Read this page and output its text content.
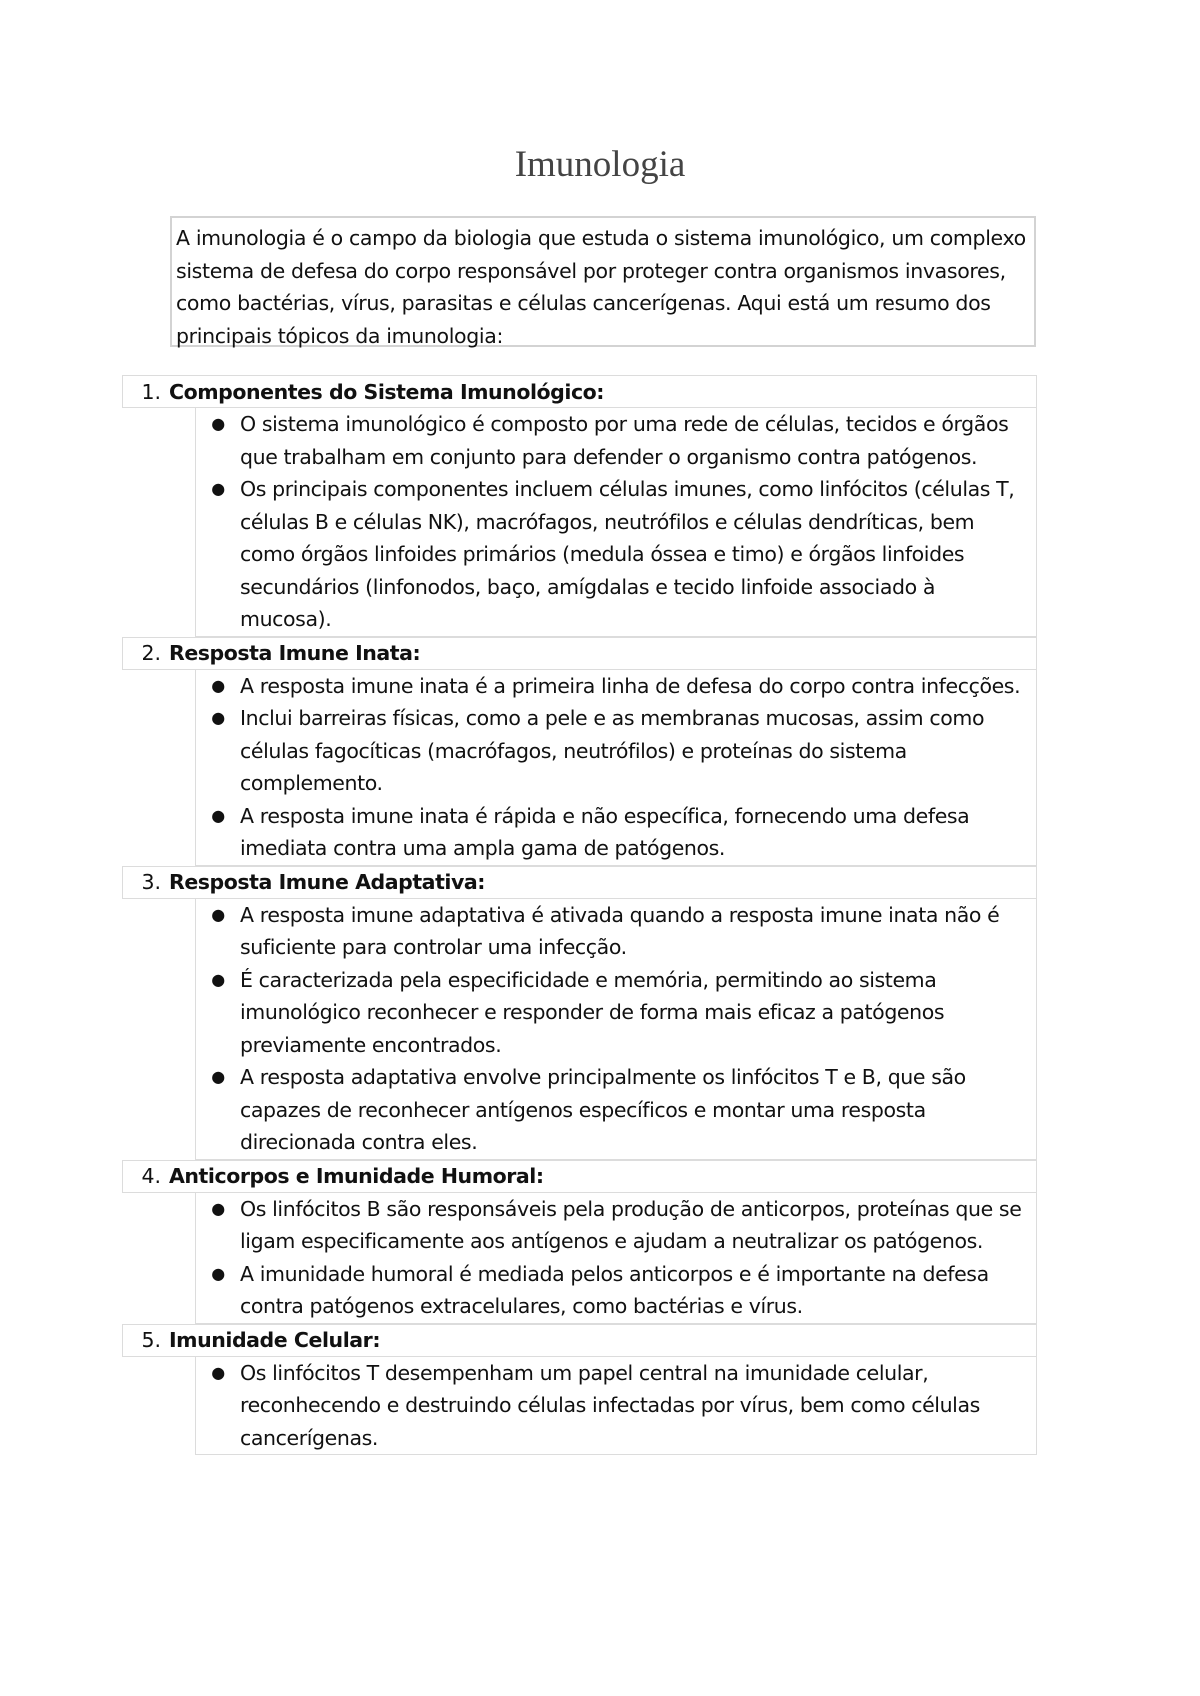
Imunologia
A imunologia é o campo da biologia que estuda o sistema imunológico, um complexo sistema de defesa do corpo responsável por proteger contra organismos invasores, como bactérias, vírus, parasitas e células cancerígenas. Aqui está um resumo dos principais tópicos da imunologia:
1. Componentes do Sistema Imunológico:
● O sistema imunológico é composto por uma rede de células, tecidos e órgãos que trabalham em conjunto para defender o organismo contra patógenos.
● Os principais componentes incluem células imunes, como linfócitos (células T, células B e células NK), macrófagos, neutrófilos e células dendríticas, bem como órgãos linfoides primários (medula óssea e timo) e órgãos linfoides secundários (linfonodos, baço, amígdalas e tecido linfoide associado à mucosa).
2. Resposta Imune Inata:
● A resposta imune inata é a primeira linha de defesa do corpo contra infecções.
● Inclui barreiras físicas, como a pele e as membranas mucosas, assim como células fagocíticas (macrófagos, neutrófilos) e proteínas do sistema complemento.
● A resposta imune inata é rápida e não específica, fornecendo uma defesa imediata contra uma ampla gama de patógenos.
3. Resposta Imune Adaptativa:
● A resposta imune adaptativa é ativada quando a resposta imune inata não é suficiente para controlar uma infecção.
● É caracterizada pela especificidade e memória, permitindo ao sistema imunológico reconhecer e responder de forma mais eficaz a patógenos previamente encontrados.
● A resposta adaptativa envolve principalmente os linfócitos T e B, que são capazes de reconhecer antígenos específicos e montar uma resposta direcionada contra eles.
4. Anticorpos e Imunidade Humoral:
● Os linfócitos B são responsáveis pela produção de anticorpos, proteínas que se ligam especificamente aos antígenos e ajudam a neutralizar os patógenos.
● A imunidade humoral é mediada pelos anticorpos e é importante na defesa contra patógenos extracelulares, como bactérias e vírus.
5. Imunidade Celular:
● Os linfócitos T desempenham um papel central na imunidade celular, reconhecendo e destruindo células infectadas por vírus, bem como células cancerígenas.
